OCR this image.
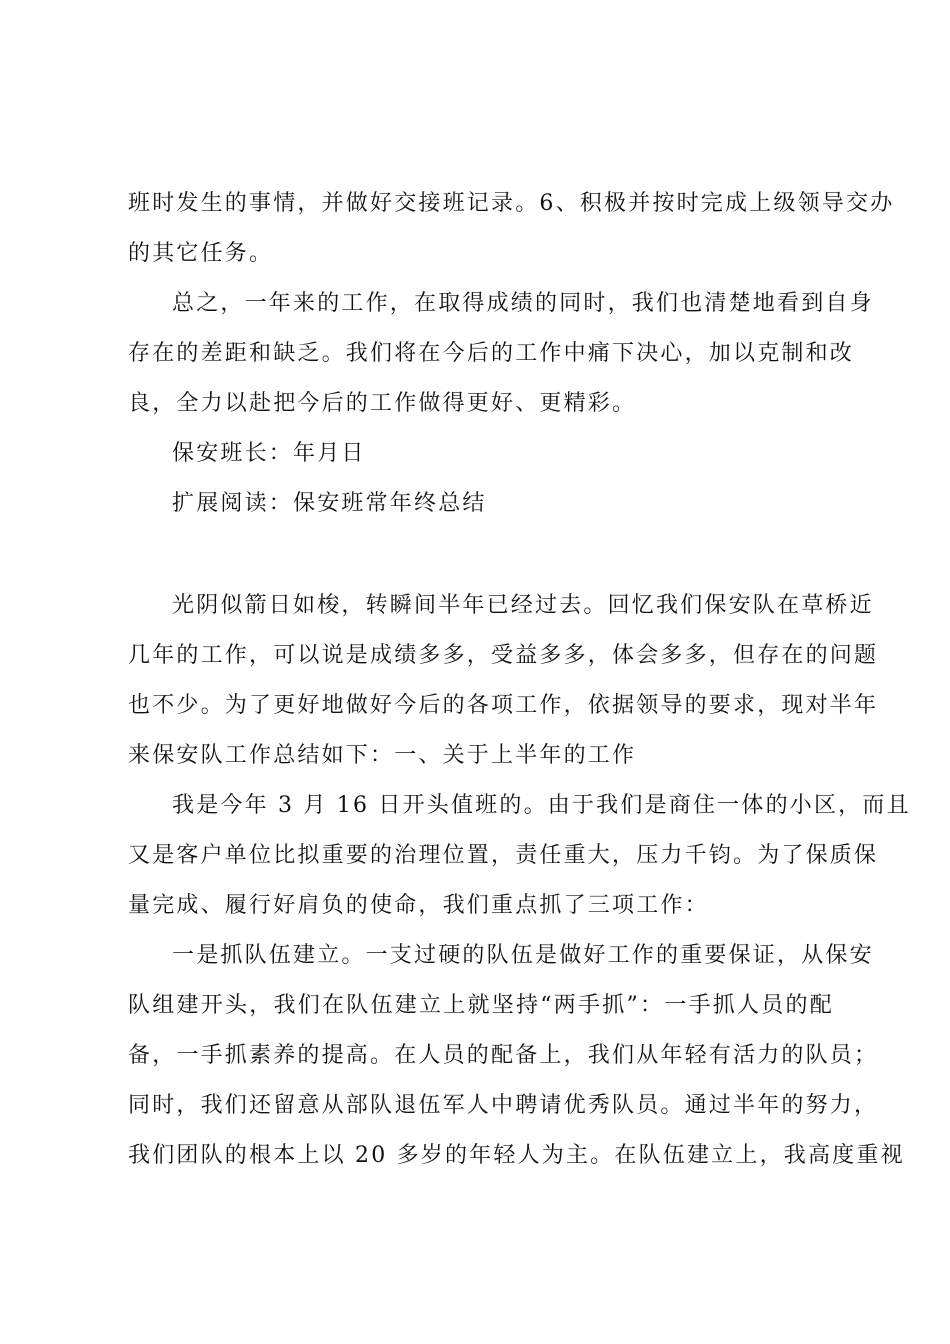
班时发生的事情，并做好交接班记录。6、积极并按时完成上级领导交办
的其它任务。
总之，一年来的工作，在取得成绩的同时，我们也清楚地看到自身
存在的差距和缺乏。我们将在今后的工作中痛下决心，加以克制和改
良，全力以赴把今后的工作做得更好、更精彩。
保安班长：年月日
扩展阅读：保安班常年终总结
光阴似箭日如梭，转瞬间半年已经过去。回忆我们保安队在草桥近
几年的工作，可以说是成绩多多，受益多多，体会多多，但存在的问题
也不少。为了更好地做好今后的各项工作，依据领导的要求，现对半年
来保安队工作总结如下：一、关于上半年的工作
我是今年 3 月 16 日开头值班的。由于我们是商住一体的小区，而且
又是客户单位比拟重要的治理位置，责任重大，压力千钧。为了保质保
量完成、履行好肩负的使命，我们重点抓了三项工作：
一是抓队伍建立。一支过硬的队伍是做好工作的重要保证，从保安
队组建开头，我们在队伍建立上就坚持“两手抓”：一手抓人员的配
备，一手抓素养的提高。在人员的配备上，我们从年轻有活力的队员；
同时，我们还留意从部队退伍军人中聘请优秀队员。通过半年的努力，
我们团队的根本上以 20 多岁的年轻人为主。在队伍建立上，我高度重视
